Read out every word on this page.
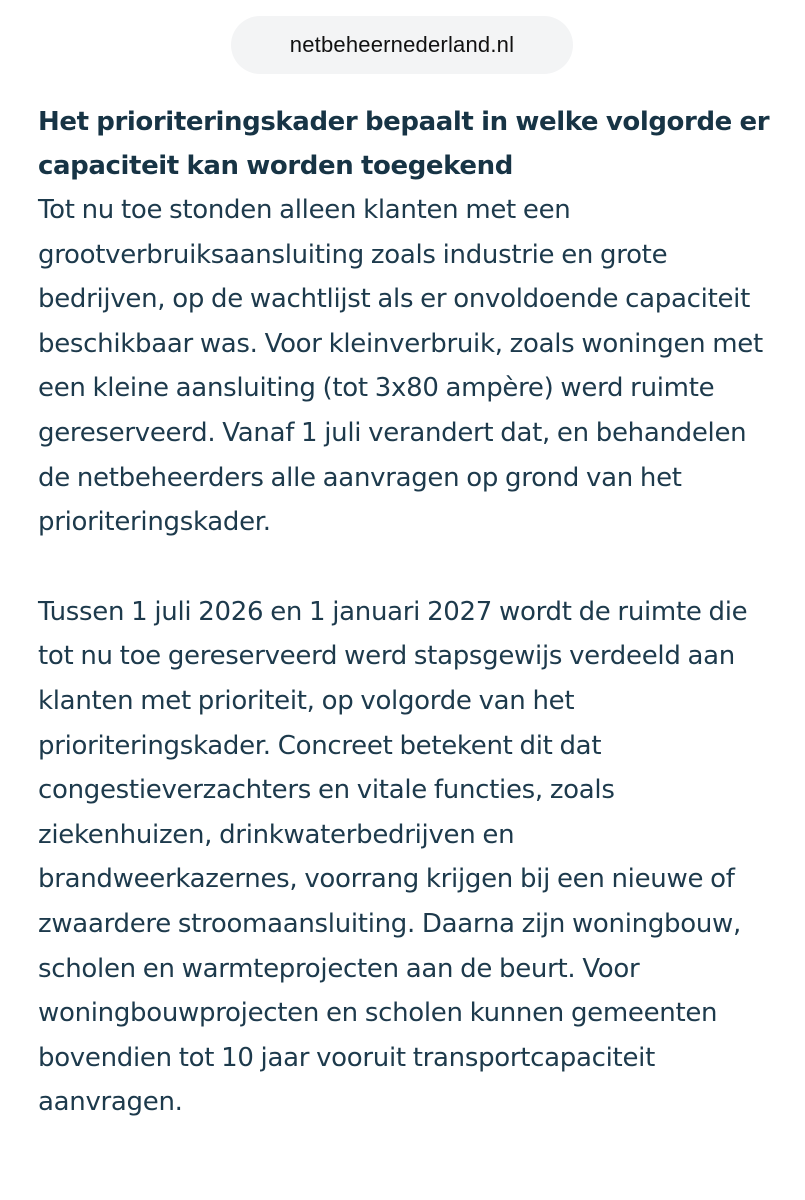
netbeheernederland.nl
Het prioriteringskader bepaalt in welke volgorde er capaciteit kan worden toegekend

Tot nu toe stonden alleen klanten met een grootverbruiksaansluiting zoals industrie en grote bedrijven, op de wachtlijst als er onvoldoende capaciteit beschikbaar was. Voor kleinverbruik, zoals woningen met een kleine aansluiting (tot 3x80 ampère) werd ruimte gereserveerd. Vanaf 1 juli verandert dat, en behandelen de netbeheerders alle aanvragen op grond van het prioriteringskader.

Tussen 1 juli 2026 en 1 januari 2027 wordt de ruimte die tot nu toe gereserveerd werd stapsgewijs verdeeld aan klanten met prioriteit, op volgorde van het prioriteringskader. Concreet betekent dit dat congestieverzachters en vitale functies, zoals ziekenhuizen, drinkwaterbedrijven en brandweerkazernes, voorrang krijgen bij een nieuwe of zwaardere stroomaansluiting. Daarna zijn woningbouw, scholen en warmteprojecten aan de beurt. Voor woningbouwprojecten en scholen kunnen gemeenten bovendien tot 10 jaar vooruit transportcapaciteit aanvragen.
